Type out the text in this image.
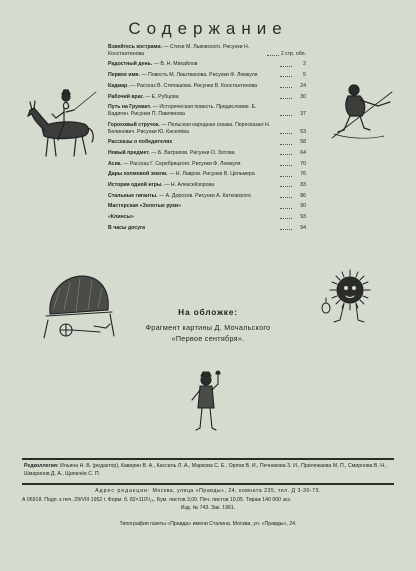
Содержание
Взвейтесь кострами. — Стихи М. Львовского. Рисунки Н. Константинова	2 стр. обл.
Радостный день. — В. Н. Михайлов	2
Первое имя. — Повесть М. Лиштванова. Рисунки Ф. Лемкуля	5
Кадмар. — Рассказ В. Степашова. Рисунки В. Константинова	24
Рабочий враг. — Е. Рубцова	30
Путь на Грумант. — Историческая повесть. Предисловие. Е. Бадигин. Рисунки П. Павлинова	37
Гороховый стручок. — Польская народная сказка. Пересказал Н. Белинович. Рисунки Ю. Киселёва	53
Рассказы о победителях	58
Новый предмет. — Б. Ватрапов. Рисунки О. Зотова	64
Асик. — Рассказ Г. Серебрицкого. Рисунки Ф. Лемкуля	70
Дары холмовой земли. — Н. Лавров. Рисунки В. Цельмера	76
История одной игры. — Н. Алексейзорова	83
Стальные гиганты. — А. Дорохов. Рисунки А. Катковского	86
Мастерская «Золотые руки»	90
«Клинсы»	93
В часы досуга	94
На обложке:
Фрагмент картины Д. Мочальского
«Первое сентября».
Редколлегия: Ильина Н. В. (редактор), Каверин В. А., Кассиль Л. А., Маркова С. Е., Орлов В. И., Печникова З. И., Прилежаева М. П., Смирнова В. Н., Шмаринов Д. А., Щипачёв С. П.
Адрес редакции: Москва, улица «Правды», 24, комната 235, тел. Д 3-30-73.
А 06918. Подп. к печ. 29/VIII 1952 г. Форм. б. 82×110¹/₁₆. Бум. листов 3,00. Печ. листов 10,05. Тираж 140 000 экз.
Изд. № 743. Зак. 1961.
Типография газеты «Правда» имени Сталина. Москва, ул. «Правды», 24.
